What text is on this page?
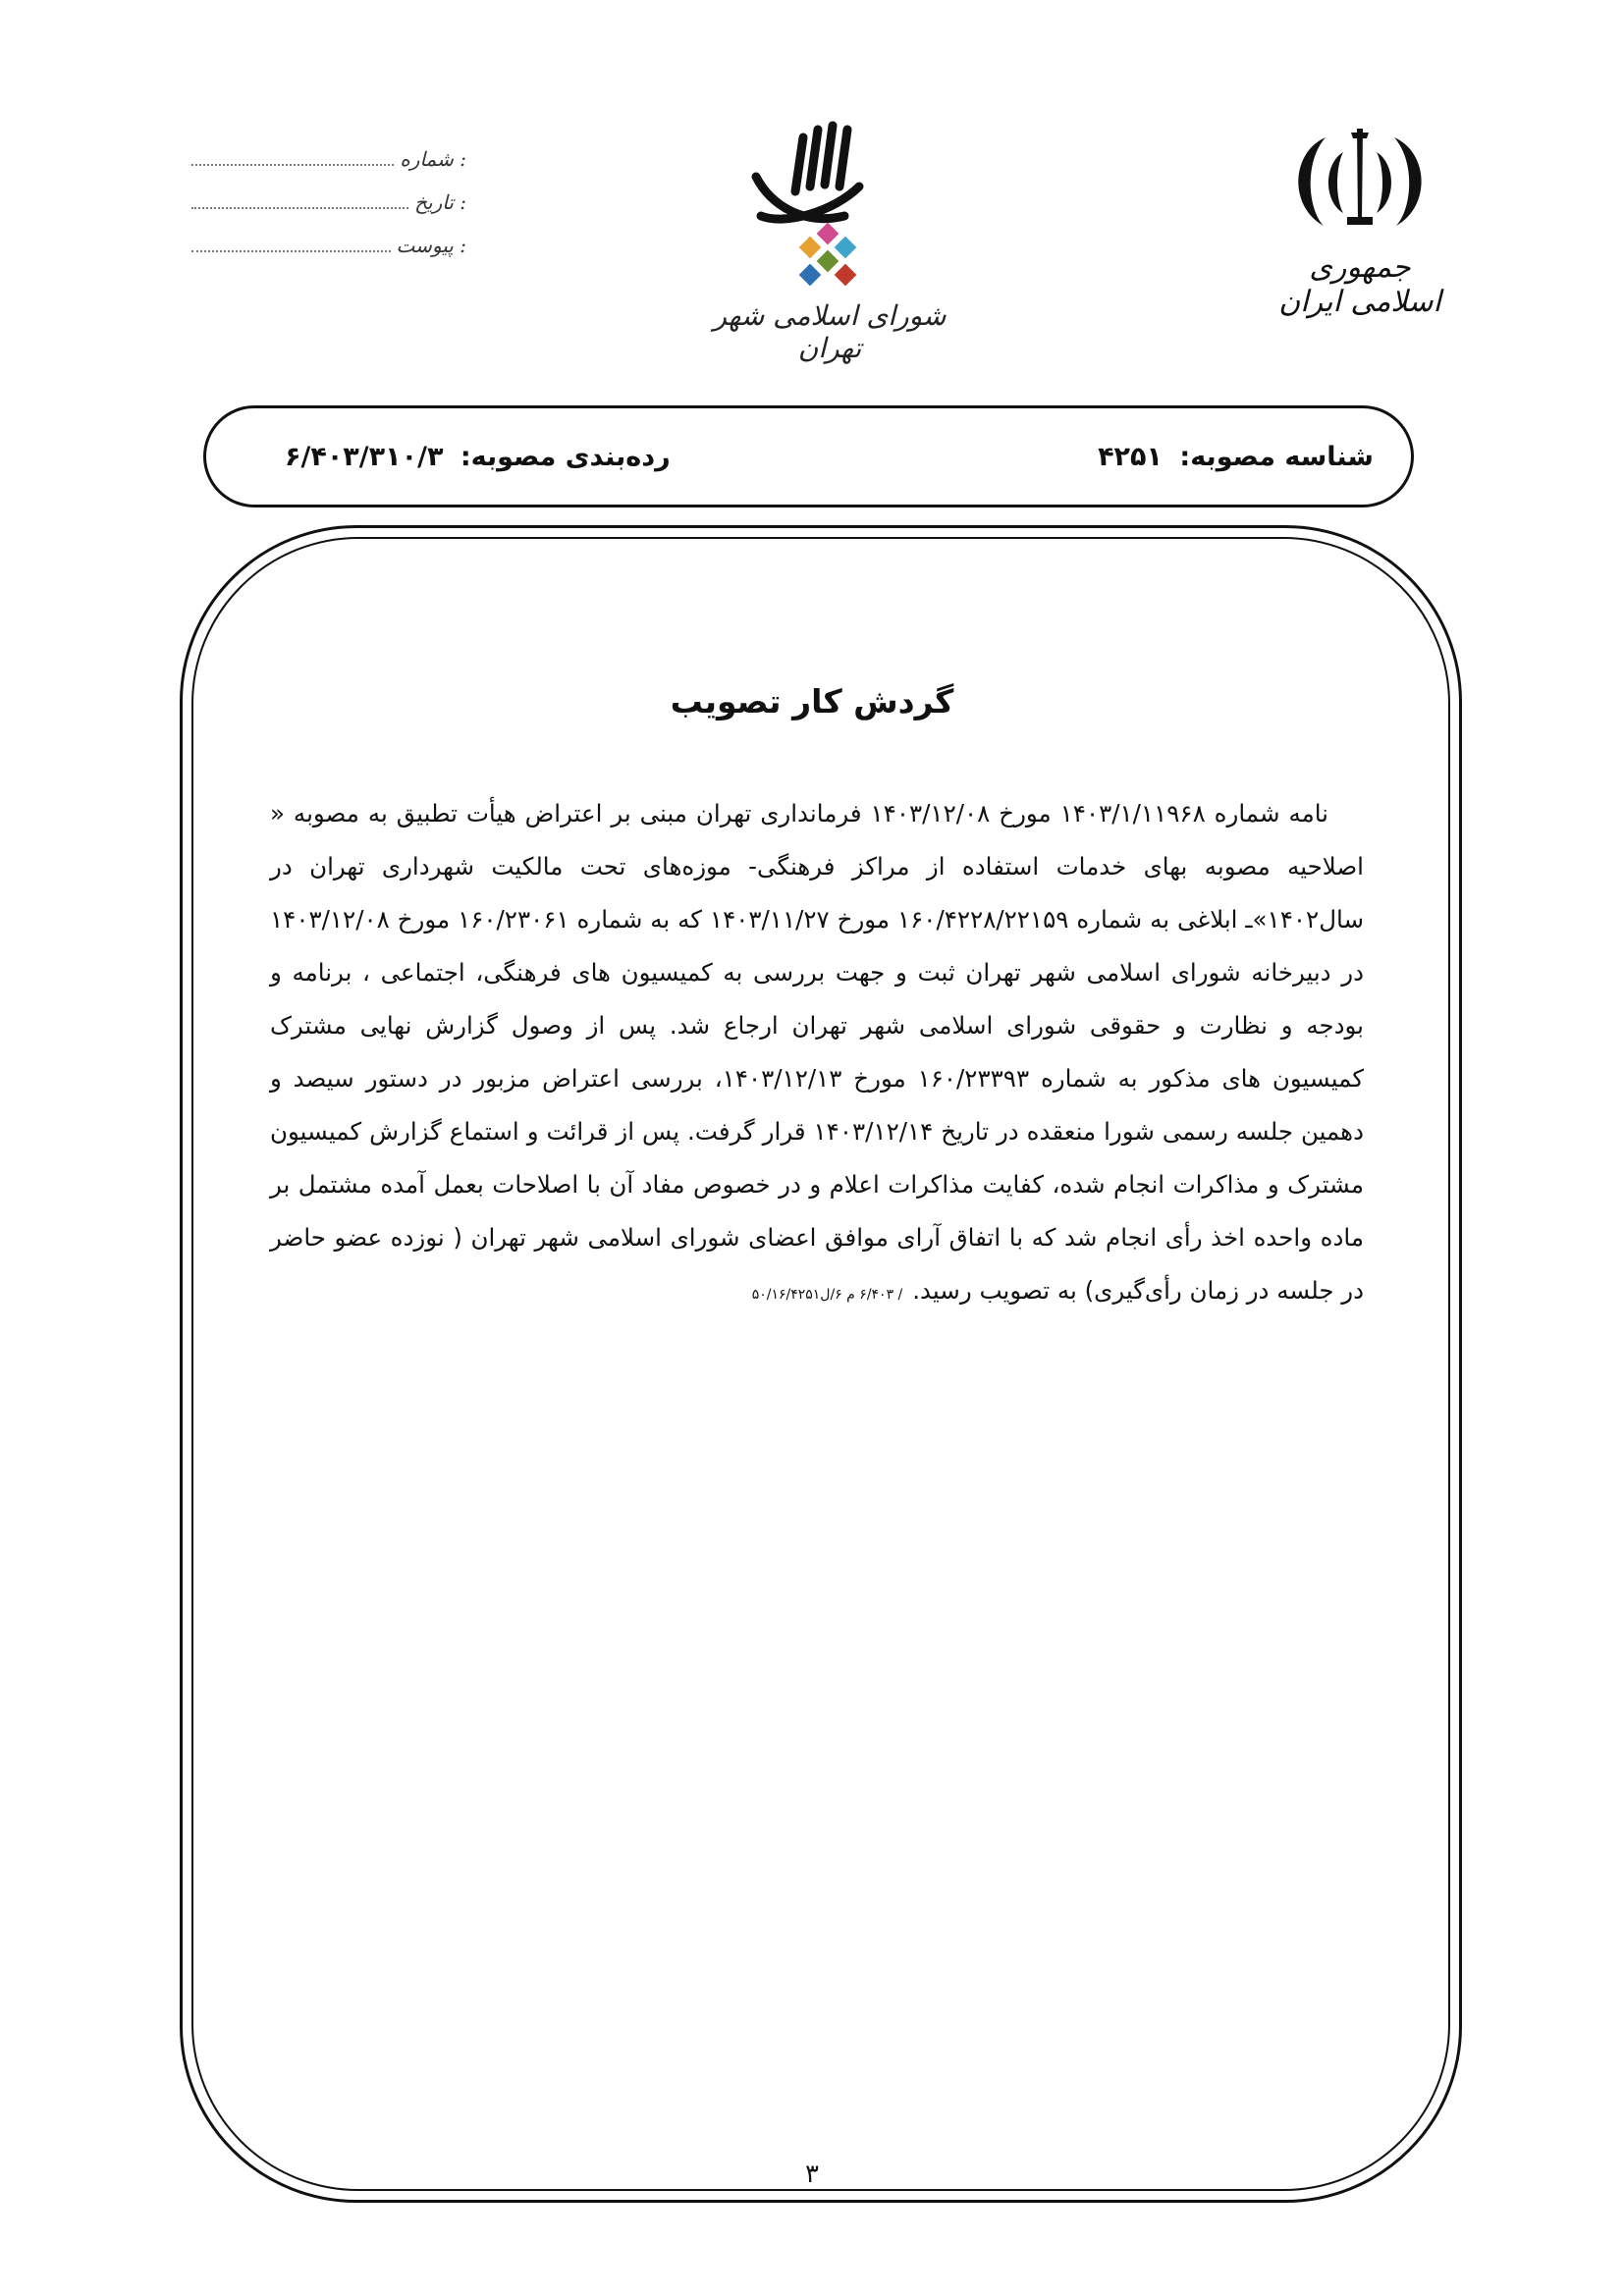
جمهوری اسلامی ایران
شورای اسلامی شهر تهران
شماره :
تاریخ :
پیوست :
شناسه مصوبه: ۴۲۵۱
رده‌بندی مصوبه: ۶/۴۰۳/۳۱۰/۳
گردش کار تصویب
نامه شماره ۱۴۰۳/۱/۱۱۹۶۸ مورخ ۱۴۰۳/۱۲/۰۸ فرمانداری تهران مبنی بر اعتراض هیأت تطبیق به مصوبه « اصلاحیه مصوبه بهای خدمات استفاده از مراکز فرهنگی- موزه‌های تحت مالکیت شهرداری تهران در سال۱۴۰۲»ـ ابلاغی به شماره ۱۶۰/۴۲۲۸/۲۲۱۵۹ مورخ ۱۴۰۳/۱۱/۲۷ که به شماره ۱۶۰/۲۳۰۶۱ مورخ ۱۴۰۳/۱۲/۰۸ در دبیرخانه شورای اسلامی شهر تهران ثبت و جهت بررسی به کمیسیون های فرهنگی، اجتماعی ، برنامه و بودجه و نظارت و حقوقی شورای اسلامی شهر تهران ارجاع شد. پس از وصول گزارش نهایی مشترک کمیسیون های مذکور به شماره ۱۶۰/۲۳۳۹۳ مورخ ۱۴۰۳/۱۲/۱۳، بررسی اعتراض مزبور در دستور سیصد و دهمین جلسه رسمی شورا منعقده در تاریخ ۱۴۰۳/۱۲/۱۴ قرار گرفت. پس از قرائت و استماع گزارش کمیسیون مشترک و مذاکرات انجام شده، کفایت مذاکرات اعلام و در خصوص مفاد آن با اصلاحات بعمل آمده مشتمل بر ماده واحده اخذ رأی انجام شد که با اتفاق آرای موافق اعضای شورای اسلامی شهر تهران ( نوزده عضو حاضر در جلسه در زمان رأی‌گیری) به تصویب رسید./ ۶/۴۰۳ م ۶/ل۵۰/۱۶/۴۲۵۱
۳
